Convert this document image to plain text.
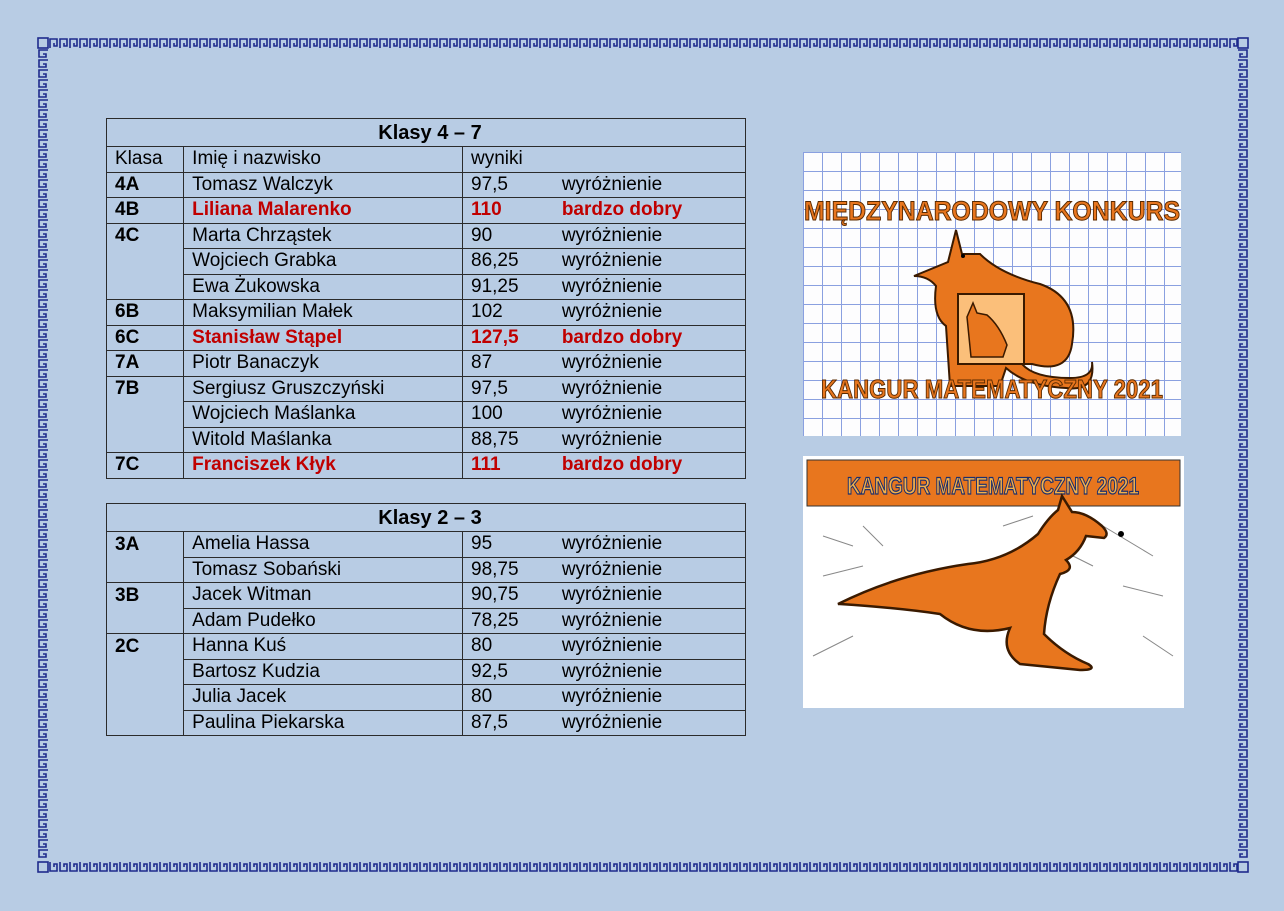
Klasy 4 – 7			
Klasa	Imię i nazwisko	wyniki	
4A	Tomasz Walczyk	97,5	wyróżnienie
4B	Liliana Malarenko	110	bardzo dobry
4C	Marta Chrząstek	90	wyróżnienie
	Wojciech Grabka	86,25	wyróżnienie
	Ewa Żukowska	91,25	wyróżnienie
6B	Maksymilian Małek	102	wyróżnienie
6C	Stanisław Stąpel	127,5	bardzo dobry
7A	Piotr Banaczyk	87	wyróżnienie
7B	Sergiusz Gruszczyński	97,5	wyróżnienie
	Wojciech Maślanka	100	wyróżnienie
	Witold Maślanka	88,75	wyróżnienie
7C	Franciszek Kłyk	111	bardzo dobry
Klasy 2 – 3			
3A	Amelia Hassa	95	wyróżnienie
	Tomasz Sobański	98,75	wyróżnienie
3B	Jacek Witman	90,75	wyróżnienie
	Adam Pudełko	78,25	wyróżnienie
2C	Hanna Kuś	80	wyróżnienie
	Bartosz Kudzia	92,5	wyróżnienie
	Julia Jacek	80	wyróżnienie
	Paulina Piekarska	87,5	wyróżnienie
MIĘDZYNARODOWY KONKURS
KANGUR MATEMATYCZNY 2021
KANGUR MATEMATYCZNY 2021
